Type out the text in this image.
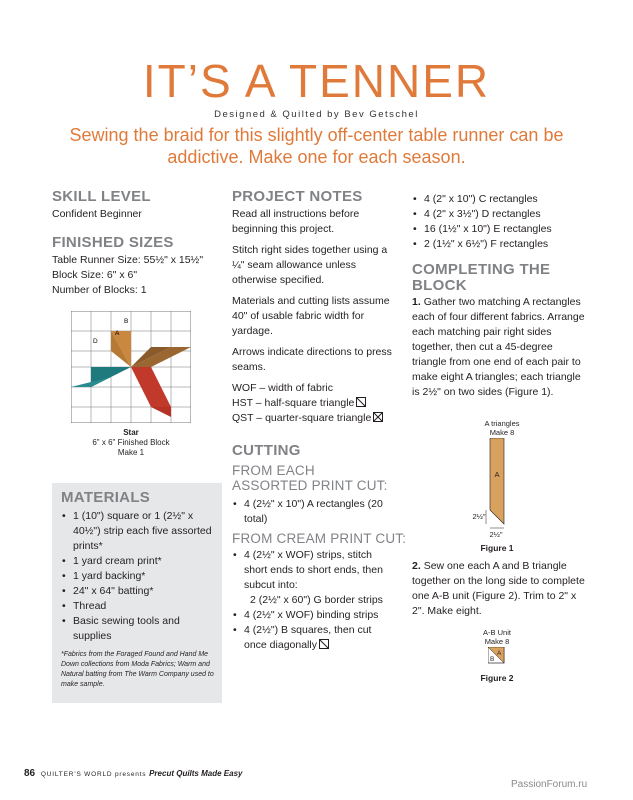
IT’S A TENNER
Designed & Quilted by Bev Getschel
Sewing the braid for this slightly off-center table runner can be addictive. Make one for each season.
SKILL LEVEL
Confident Beginner
FINISHED SIZES
Table Runner Size: 55½" x 15½"
Block Size: 6" x 6"
Number of Blocks: 1
B
A
D
Star
6" x 6" Finished Block
Make 1
MATERIALS
• 1 (10") square or 1 (2½" x 40½") strip each five assorted prints*
• 1 yard cream print*
• 1 yard backing*
• 24" x 64" batting*
• Thread
• Basic sewing tools and supplies
*Fabrics from the Foraged Found and Hand Me Down collections from Moda Fabrics; Warm and Natural batting from The Warm Company used to make sample.
PROJECT NOTES
Read all instructions before beginning this project.
Stitch right sides together using a ¼" seam allowance unless otherwise specified.
Materials and cutting lists assume 40" of usable fabric width for yardage.
Arrows indicate directions to press seams.
WOF – width of fabric
HST – half-square triangle
QST – quarter-square triangle
CUTTING
FROM EACH ASSORTED PRINT CUT:
• 4 (2½" x 10") A rectangles (20 total)
FROM CREAM PRINT CUT:
• 4 (2½" x WOF) strips, stitch short ends to short ends, then subcut into:
2 (2½" x 60") G border strips
• 4 (2½" x WOF) binding strips
• 4 (2½") B squares, then cut once diagonally
• 4 (2" x 10") C rectangles
• 4 (2" x 3½") D rectangles
• 16 (1½" x 10") E rectangles
• 2 (1½" x 6½") F rectangles
COMPLETING THE BLOCK
1. Gather two matching A rectangles each of four different fabrics. Arrange each matching pair right sides together, then cut a 45-degree triangle from one end of each pair to make eight A triangles; each triangle is 2½" on two sides (Figure 1).
A triangles
Make 8
A
2½"
2½"
Figure 1
2. Sew one each A and B triangle together on the long side to complete one A-B unit (Figure 2). Trim to 2" x 2". Make eight.
A-B Unit
Make 8
A
B
Figure 2
86 QUILTER’S WORLD presents Precut Quilts Made Easy
PassionForum.ru
